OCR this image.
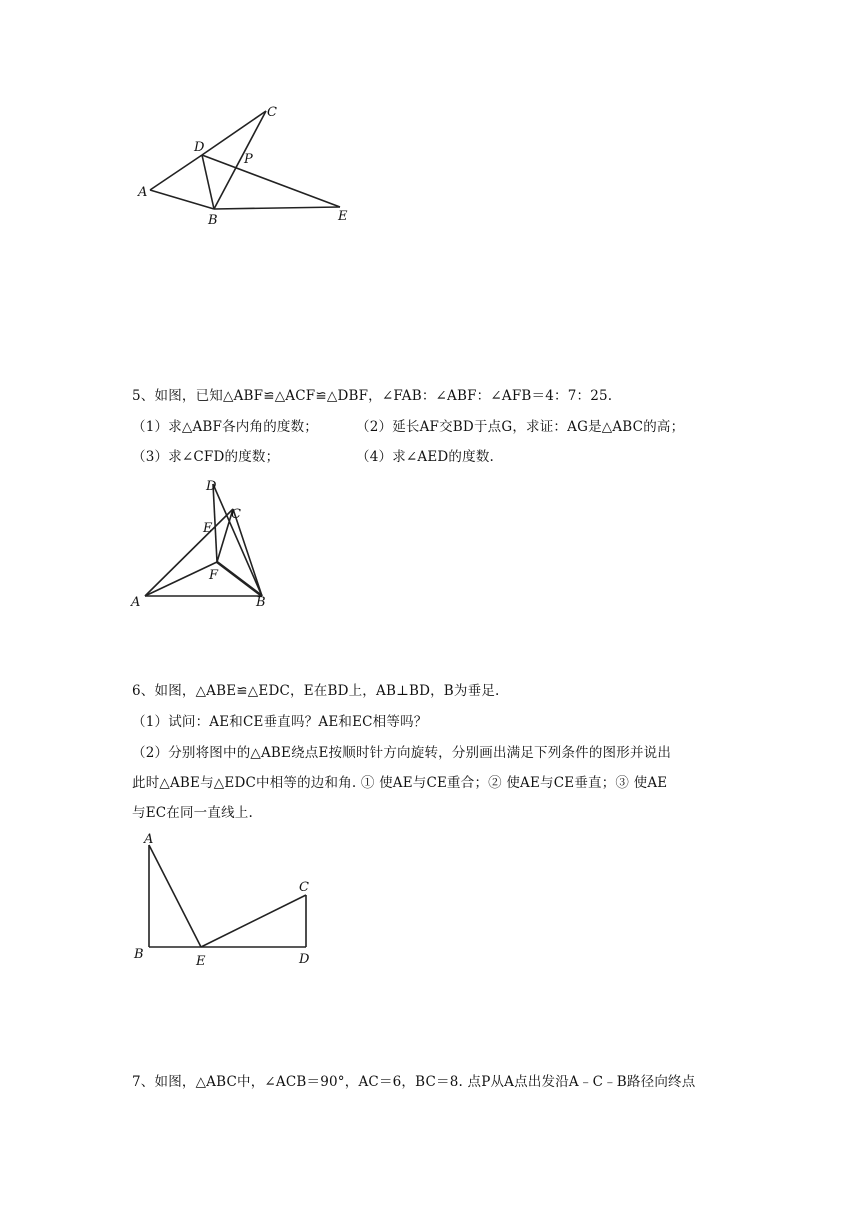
A
B
C
D
E
P
5、如图，已知△ABF≌△ACF≌△DBF，∠FAB：∠ABF：∠AFB＝4：7：25.
（1）求△ABF各内角的度数；	（2）延长AF交BD于点G，求证：AG是△ABC的高；
（3）求∠CFD的度数；	（4）求∠AED的度数.
A	B
C
D
E
F
6、如图，△ABE≌△EDC，E在BD上，AB⊥BD，B为垂足.
（1）试问：AE和CE垂直吗？AE和EC相等吗？
（2）分别将图中的△ABE绕点E按顺时针方向旋转，分别画出满足下列条件的图形并说出
此时△ABE与△EDC中相等的边和角. ① 使AE与CE重合；② 使AE与CE垂直；③ 使AE
与EC在同一直线上.
A
B
C
D
E
7、如图，△ABC中，∠ACB＝90°，AC＝6，BC＝8. 点P从A点出发沿A﹣C﹣B路径向终点
